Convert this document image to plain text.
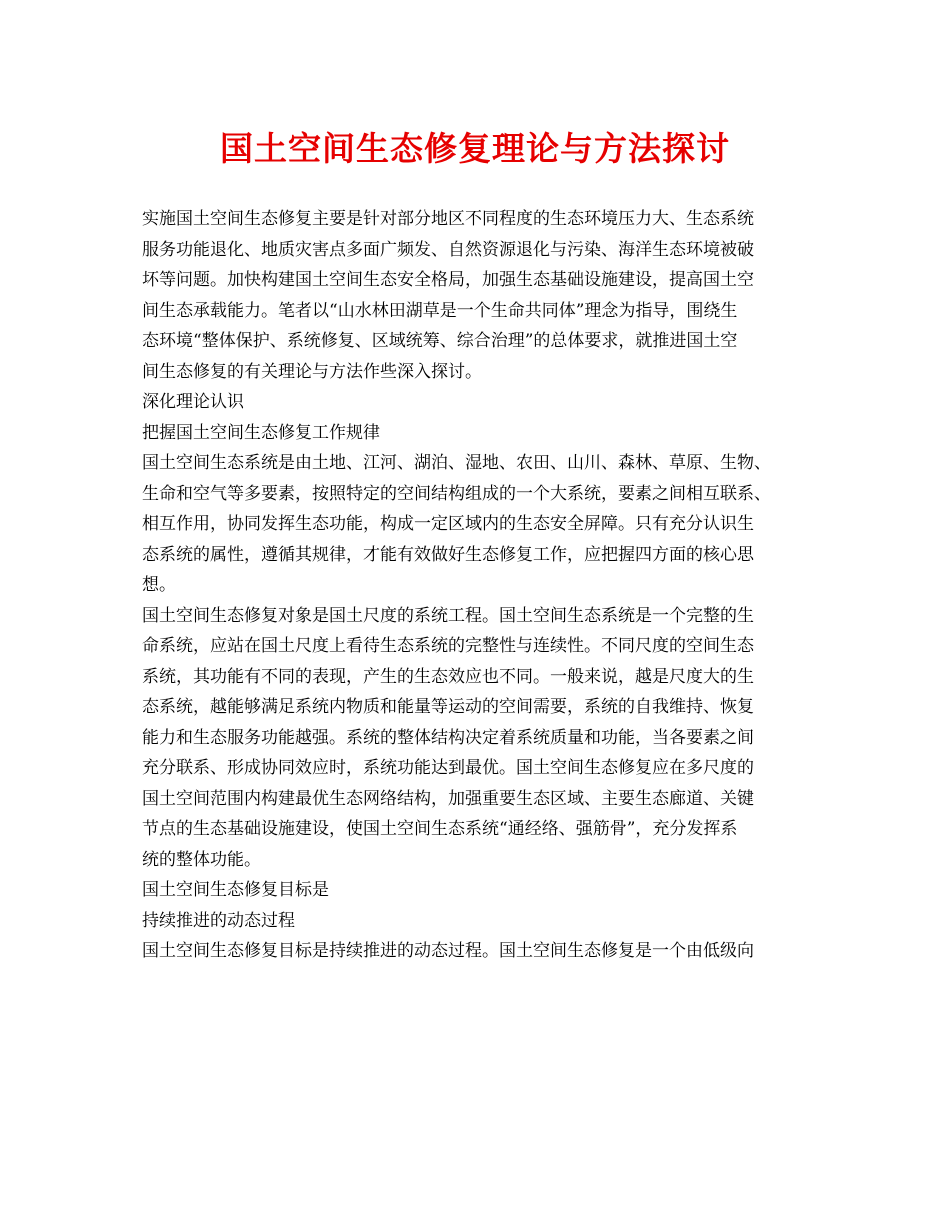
国土空间生态修复理论与方法探讨
实施国土空间生态修复主要是针对部分地区不同程度的生态环境压力大、生态系统
服务功能退化、地质灾害点多面广频发、自然资源退化与污染、海洋生态环境被破
坏等问题。加快构建国土空间生态安全格局，加强生态基础设施建设，提高国土空
间生态承载能力。笔者以“山水林田湖草是一个生命共同体”理念为指导，围绕生
态环境“整体保护、系统修复、区域统筹、综合治理”的总体要求，就推进国土空
间生态修复的有关理论与方法作些深入探讨。
深化理论认识
把握国土空间生态修复工作规律
国土空间生态系统是由土地、江河、湖泊、湿地、农田、山川、森林、草原、生物、
生命和空气等多要素，按照特定的空间结构组成的一个大系统，要素之间相互联系、
相互作用，协同发挥生态功能，构成一定区域内的生态安全屏障。只有充分认识生
态系统的属性，遵循其规律，才能有效做好生态修复工作，应把握四方面的核心思
想。
国土空间生态修复对象是国土尺度的系统工程。国土空间生态系统是一个完整的生
命系统，应站在国土尺度上看待生态系统的完整性与连续性。不同尺度的空间生态
系统，其功能有不同的表现，产生的生态效应也不同。一般来说，越是尺度大的生
态系统，越能够满足系统内物质和能量等运动的空间需要，系统的自我维持、恢复
能力和生态服务功能越强。系统的整体结构决定着系统质量和功能，当各要素之间
充分联系、形成协同效应时，系统功能达到最优。国土空间生态修复应在多尺度的
国土空间范围内构建最优生态网络结构，加强重要生态区域、主要生态廊道、关键
节点的生态基础设施建设，使国土空间生态系统“通经络、强筋骨”，充分发挥系
统的整体功能。
国土空间生态修复目标是
持续推进的动态过程
国土空间生态修复目标是持续推进的动态过程。国土空间生态修复是一个由低级向
